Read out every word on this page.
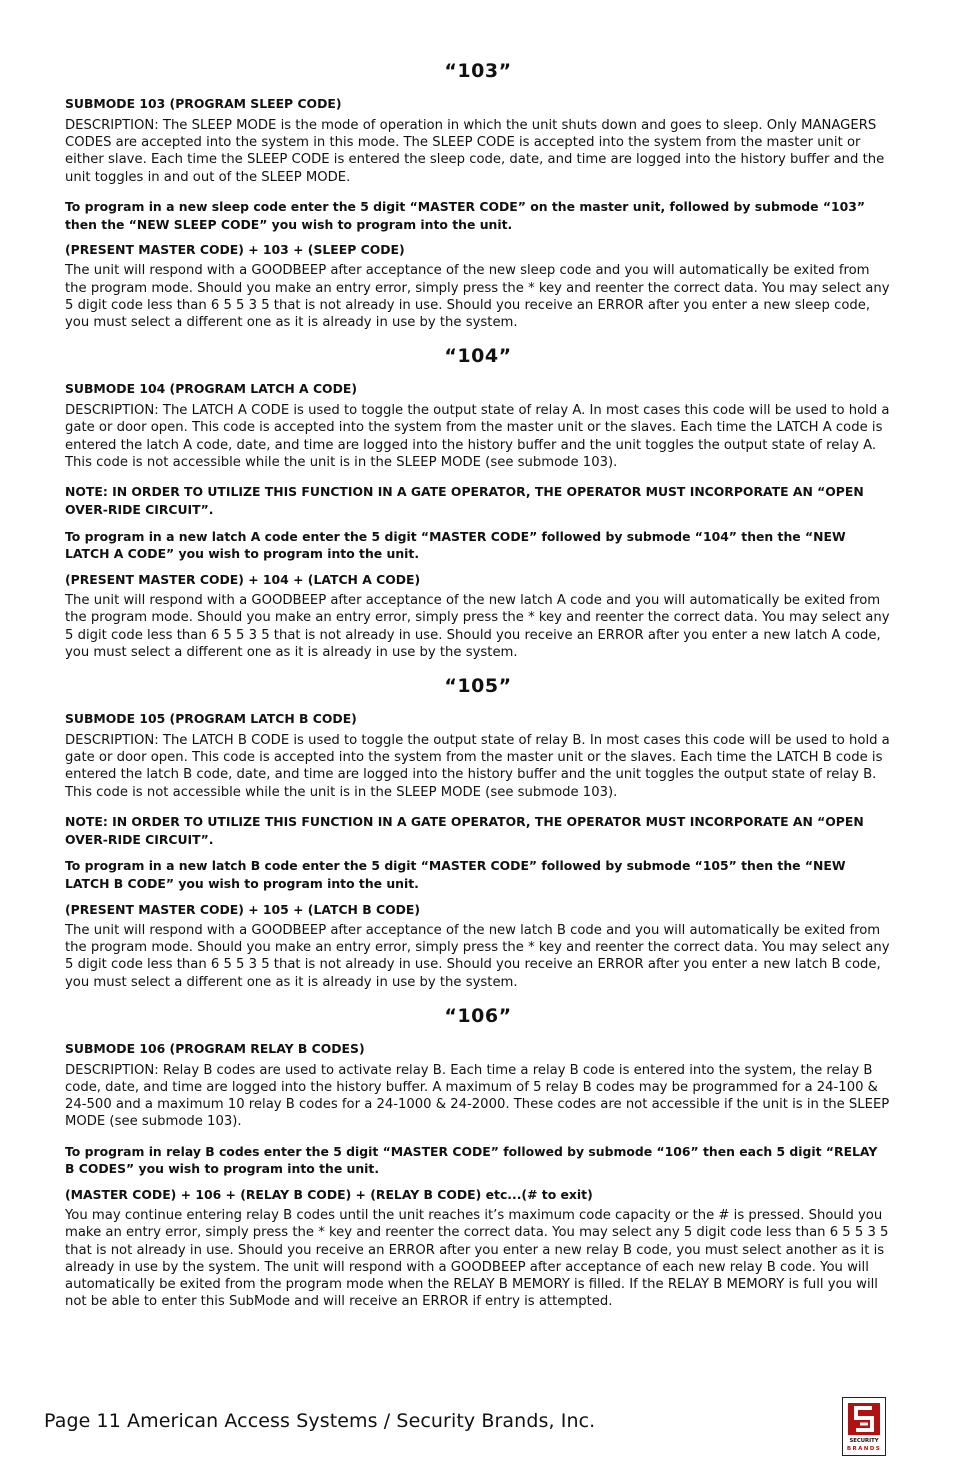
“103”
SUBMODE 103 (PROGRAM SLEEP CODE)

DESCRIPTION: The SLEEP MODE is the mode of operation in which the unit shuts down and goes to sleep. Only MANAGERS CODES are accepted into the system in this mode. The SLEEP CODE is accepted into the system from the master unit or either slave. Each time the SLEEP CODE is entered the sleep code, date, and time are logged into the history buffer and the unit toggles in and out of the SLEEP MODE.

To program in a new sleep code enter the 5 digit “MASTER CODE” on the master unit, followed by submode “103” then the “NEW SLEEP CODE” you wish to program into the unit.

(PRESENT MASTER CODE) + 103 + (SLEEP CODE)

The unit will respond with a GOODBEEP after acceptance of the new sleep code and you will automatically be exited from the program mode. Should you make an entry error, simply press the * key and reenter the correct data. You may select any 5 digit code less than 6 5 5 3 5 that is not already in use. Should you receive an ERROR after you enter a new sleep code, you must select a different one as it is already in use by the system.

“104”
SUBMODE 104 (PROGRAM LATCH A CODE)

DESCRIPTION: The LATCH A CODE is used to toggle the output state of relay A. In most cases this code will be used to hold a gate or door open. This code is accepted into the system from the master unit or the slaves. Each time the LATCH A code is entered the latch A code, date, and time are logged into the history buffer and the unit toggles the output state of relay A. This code is not accessible while the unit is in the SLEEP MODE (see submode 103).

NOTE: IN ORDER TO UTILIZE THIS FUNCTION IN A GATE OPERATOR, THE OPERATOR MUST INCORPORATE AN “OPEN OVER-RIDE CIRCUIT”.

To program in a new latch A code enter the 5 digit “MASTER CODE” followed by submode “104” then the “NEW LATCH A CODE” you wish to program into the unit.

(PRESENT MASTER CODE) + 104 + (LATCH A CODE)

The unit will respond with a GOODBEEP after acceptance of the new latch A code and you will automatically be exited from the program mode. Should you make an entry error, simply press the * key and reenter the correct data. You may select any 5 digit code less than 6 5 5 3 5 that is not already in use. Should you receive an ERROR after you enter a new latch A code, you must select a different one as it is already in use by the system.

“105”
SUBMODE 105 (PROGRAM LATCH B CODE)

DESCRIPTION: The LATCH B CODE is used to toggle the output state of relay B. In most cases this code will be used to hold a gate or door open. This code is accepted into the system from the master unit or the slaves. Each time the LATCH B code is entered the latch B code, date, and time are logged into the history buffer and the unit toggles the output state of relay B. This code is not accessible while the unit is in the SLEEP MODE (see submode 103).

NOTE: IN ORDER TO UTILIZE THIS FUNCTION IN A GATE OPERATOR, THE OPERATOR MUST INCORPORATE AN “OPEN OVER-RIDE CIRCUIT”.

To program in a new latch B code enter the 5 digit “MASTER CODE” followed by submode “105” then the “NEW LATCH B CODE” you wish to program into the unit.

(PRESENT MASTER CODE) + 105 + (LATCH B CODE)

The unit will respond with a GOODBEEP after acceptance of the new latch B code and you will automatically be exited from the program mode. Should you make an entry error, simply press the * key and reenter the correct data. You may select any 5 digit code less than 6 5 5 3 5 that is not already in use. Should you receive an ERROR after you enter a new latch B code, you must select a different one as it is already in use by the system.

“106”
SUBMODE 106 (PROGRAM RELAY B CODES)

DESCRIPTION: Relay B codes are used to activate relay B. Each time a relay B code is entered into the system, the relay B code, date, and time are logged into the history buffer. A maximum of 5 relay B codes may be programmed for a 24-100 & 24-500 and a maximum 10 relay B codes for a 24-1000 & 24-2000. These codes are not accessible if the unit is in the SLEEP MODE (see submode 103).

To program in relay B codes enter the 5 digit “MASTER CODE” followed by submode “106” then each 5 digit “RELAY B CODES” you wish to program into the unit.

(MASTER CODE) + 106 + (RELAY B CODE) + (RELAY B CODE) etc...(# to exit)

You may continue entering relay B codes until the unit reaches it’s maximum code capacity or the # is pressed. Should you make an entry error, simply press the * key and reenter the correct data. You may select any 5 digit code less than 6 5 5 3 5 that is not already in use. Should you receive an ERROR after you enter a new relay B code, you must select another as it is already in use by the system. The unit will respond with a GOODBEEP after acceptance of each new relay B code. You will automatically be exited from the program mode when the RELAY B MEMORY is filled. If the RELAY B MEMORY is full you will not be able to enter this SubMode and will receive an ERROR if entry is attempted.

Page 11 American Access Systems / Security Brands, Inc.
SECURITY
BRANDS
